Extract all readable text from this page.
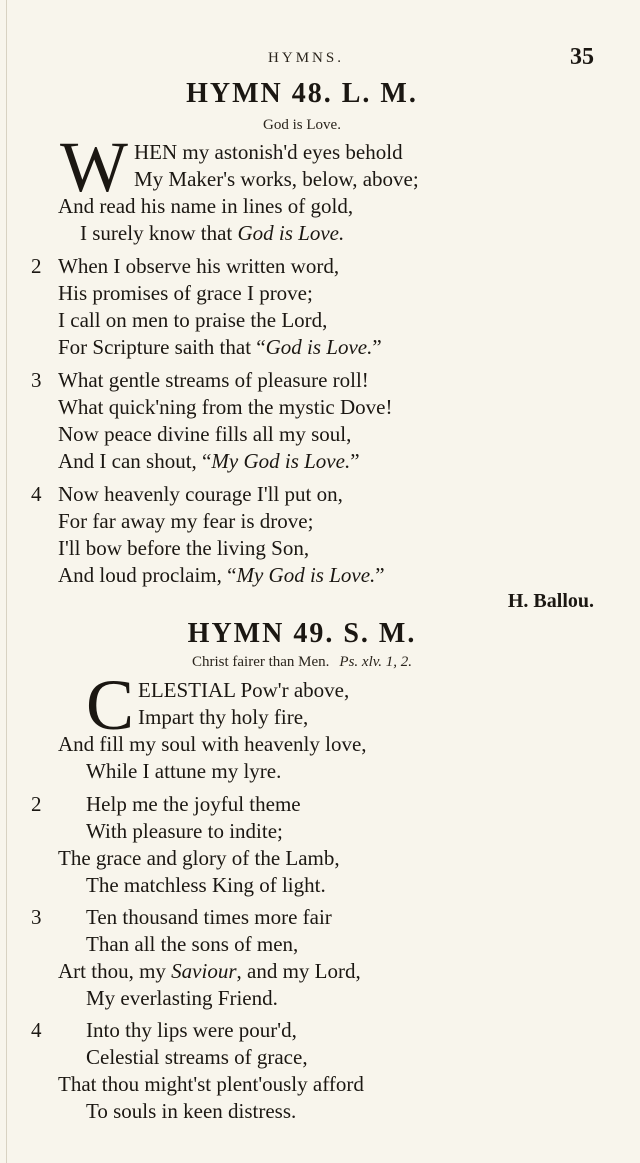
HYMNS.	35
HYMN 48. L. M.
God is Love.
W HEN my astonish'd eyes behold
My Maker's works, below, above;
And read his name in lines of gold,
I surely know that God is Love.
2 When I observe his written word,
His promises of grace I prove;
I call on men to praise the Lord,
For Scripture saith that “God is Love.”
3 What gentle streams of pleasure roll!
What quick'ning from the mystic Dove!
Now peace divine fills all my soul,
And I can shout, “My God is Love.”
4 Now heavenly courage I'll put on,
For far away my fear is drove;
I'll bow before the living Son,
And loud proclaim, “My God is Love.”
H. Ballou.
HYMN 49. S. M.
Christ fairer than Men. Ps. xlv. 1, 2.
C ELESTIAL Pow'r above,
Impart thy holy fire,
And fill my soul with heavenly love,
While I attune my lyre.
2 Help me the joyful theme
With pleasure to indite;
The grace and glory of the Lamb,
The matchless King of light.
3 Ten thousand times more fair
Than all the sons of men,
Art thou, my Saviour, and my Lord,
My everlasting Friend.
4 Into thy lips were pour'd,
Celestial streams of grace,
That thou might'st plent'ously afford
To souls in keen distress.
